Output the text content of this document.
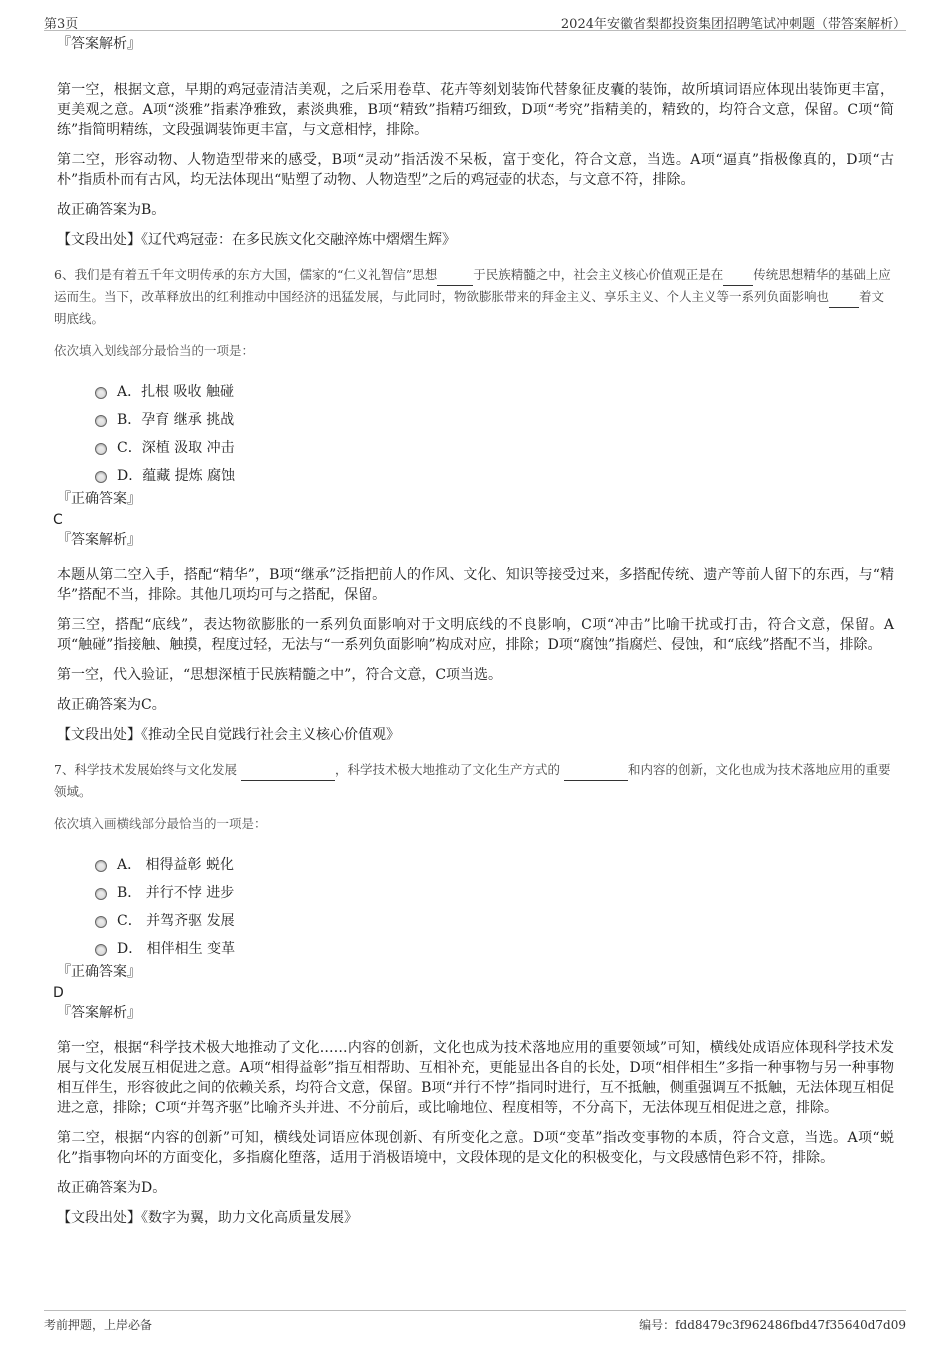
第3页	2024年安徽省梨都投资集团招聘笔试冲刺题（带答案解析）

『答案解析』

第一空，根据文意，早期的鸡冠壶清洁美观，之后采用卷草、花卉等刻划装饰代替象征皮囊的装饰，故所填词语应体现出装饰更丰富，更美观之意。A项“淡雅”指素净雅致，素淡典雅，B项“精致”指精巧细致，D项“考究”指精美的，精致的，均符合文意，保留。C项“简练”指简明精练，文段强调装饰更丰富，与文意相悖，排除。

第二空，形容动物、人物造型带来的感受，B项“灵动”指活泼不呆板，富于变化，符合文意，当选。A项“逼真”指极像真的，D项“古朴”指质朴而有古风，均无法体现出“贴塑了动物、人物造型”之后的鸡冠壶的状态，与文意不符，排除。

故正确答案为B。

【文段出处】《辽代鸡冠壶：在多民族文化交融淬炼中熠熠生辉》

6、我们是有着五千年文明传承的东方大国，儒家的“仁义礼智信”思想	于民族精髓之中，社会主义核心价值观正是在 传统思想精华的基础上应运而生。当下，改革释放出的红利推动中国经济的迅猛发展，与此同时，物欲膨胀带来的拜金主义、享乐主义、个人主义等一系列负面影响也 着文明底线。

依次填入划线部分最恰当的一项是：

A．扎根 吸收 触碰
B．孕育 继承 挑战
C．深植 汲取 冲击
D．蕴藏 提炼 腐蚀

『正确答案』

C

『答案解析』

本题从第二空入手，搭配“精华”，B项“继承”泛指把前人的作风、文化、知识等接受过来，多搭配传统、遗产等前人留下的东西，与“精华”搭配不当，排除。其他几项均可与之搭配，保留。

第三空，搭配“底线”，表达物欲膨胀的一系列负面影响对于文明底线的不良影响，C项“冲击”比喻干扰或打击，符合文意，保留。A项“触碰”指接触、触摸，程度过轻，无法与“一系列负面影响”构成对应，排除；D项“腐蚀”指腐烂、侵蚀，和“底线”搭配不当，排除。

第一空，代入验证，“思想深植于民族精髓之中”，符合文意，C项当选。

故正确答案为C。

【文段出处】《推动全民自觉践行社会主义核心价值观》

7、科学技术发展始终与文化发展	，科学技术极大地推动了文化生产方式的	和内容的创新，文化也成为技术落地应用的重要领域。

依次填入画横线部分最恰当的一项是：

A． 相得益彰 蜕化
B． 并行不悖 进步
C． 并驾齐驱 发展
D． 相伴相生 变革

『正确答案』

D

『答案解析』

第一空，根据“科学技术极大地推动了文化……内容的创新，文化也成为技术落地应用的重要领域”可知，横线处成语应体现科学技术发展与文化发展互相促进之意。A项“相得益彰”指互相帮助、互相补充，更能显出各自的长处，D项“相伴相生”多指一种事物与另一种事物相互伴生，形容彼此之间的依赖关系，均符合文意，保留。B项“并行不悖”指同时进行，互不抵触，侧重强调互不抵触，无法体现互相促进之意，排除；C项“并驾齐驱”比喻齐头并进、不分前后，或比喻地位、程度相等，不分高下，无法体现互相促进之意，排除。

第二空，根据“内容的创新”可知，横线处词语应体现创新、有所变化之意。D项“变革”指改变事物的本质，符合文意，当选。A项“蜕化”指事物向坏的方面变化，多指腐化堕落，适用于消极语境中，文段体现的是文化的积极变化，与文段感情色彩不符，排除。

故正确答案为D。

【文段出处】《数字为翼，助力文化高质量发展》

考前押题，上岸必备	编号：fdd8479c3f962486fbd47f35640d7d09
